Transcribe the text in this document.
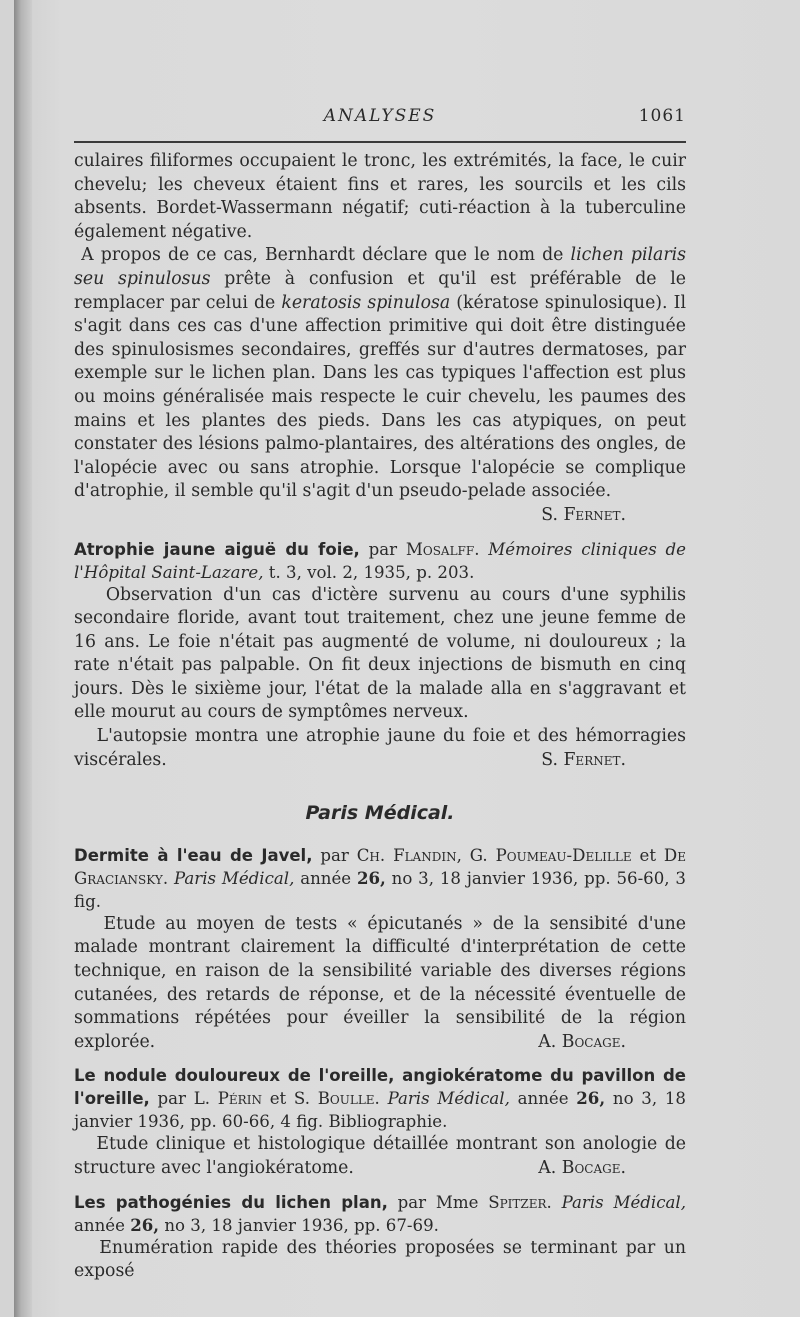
ANALYSES	1061

culaires filiformes occupaient le tronc, les extrémités, la face, le cuir chevelu; les cheveux étaient fins et rares, les sourcils et les cils absents. Bordet-Wassermann négatif; cuti-réaction à la tuberculine également négative.

A propos de ce cas, Bernhardt déclare que le nom de lichen pilaris seu spinulosus prête à confusion et qu'il est préférable de le remplacer par celui de keratosis spinulosa (kératose spinulosique). Il s'agit dans ces cas d'une affection primitive qui doit être distinguée des spinulosismes secondaires, greffés sur d'autres dermatoses, par exemple sur le lichen plan. Dans les cas typiques l'affection est plus ou moins généralisée mais respecte le cuir chevelu, les paumes des mains et les plantes des pieds. Dans les cas atypiques, on peut constater des lésions palmo-plantaires, des altérations des ongles, de l'alopécie avec ou sans atrophie. Lorsque l'alopécie se complique d'atrophie, il semble qu'il s'agit d'un pseudo-pelade associée.
S. Fernet.

Atrophie jaune aiguë du foie, par Mosalff. Mémoires cliniques de l'Hôpital Saint-Lazare, t. 3, vol. 2, 1935, p. 203.

Observation d'un cas d'ictère survenu au cours d'une syphilis secondaire floride, avant tout traitement, chez une jeune femme de 16 ans. Le foie n'était pas augmenté de volume, ni douloureux ; la rate n'était pas palpable. On fit deux injections de bismuth en cinq jours. Dès le sixième jour, l'état de la malade alla en s'aggravant et elle mourut au cours de symptômes nerveux.

L'autopsie montra une atrophie jaune du foie et des hémorragies viscérales.	S. Fernet.

Paris Médical.

Dermite à l'eau de Javel, par Ch. Flandin, G. Poumeau-Delille et De Graciansky. Paris Médical, année 26, no 3, 18 janvier 1936, pp. 56-60, 3 fig.

Etude au moyen de tests « épicutanés » de la sensibité d'une malade montrant clairement la difficulté d'interprétation de cette technique, en raison de la sensibilité variable des diverses régions cutanées, des retards de réponse, et de la nécessité éventuelle de sommations répétées pour éveiller la sensibilité de la région explorée.	A. Bocage.

Le nodule douloureux de l'oreille, angiokératome du pavillon de l'oreille, par L. Périn et S. Boulle. Paris Médical, année 26, no 3, 18 janvier 1936, pp. 60-66, 4 fig. Bibliographie.

Etude clinique et histologique détaillée montrant son anologie de structure avec l'angiokératome.	A. Bocage.

Les pathogénies du lichen plan, par Mme Spitzer. Paris Médical, année 26, no 3, 18 janvier 1936, pp. 67-69.

Enumération rapide des théories proposées se terminant par un exposé
